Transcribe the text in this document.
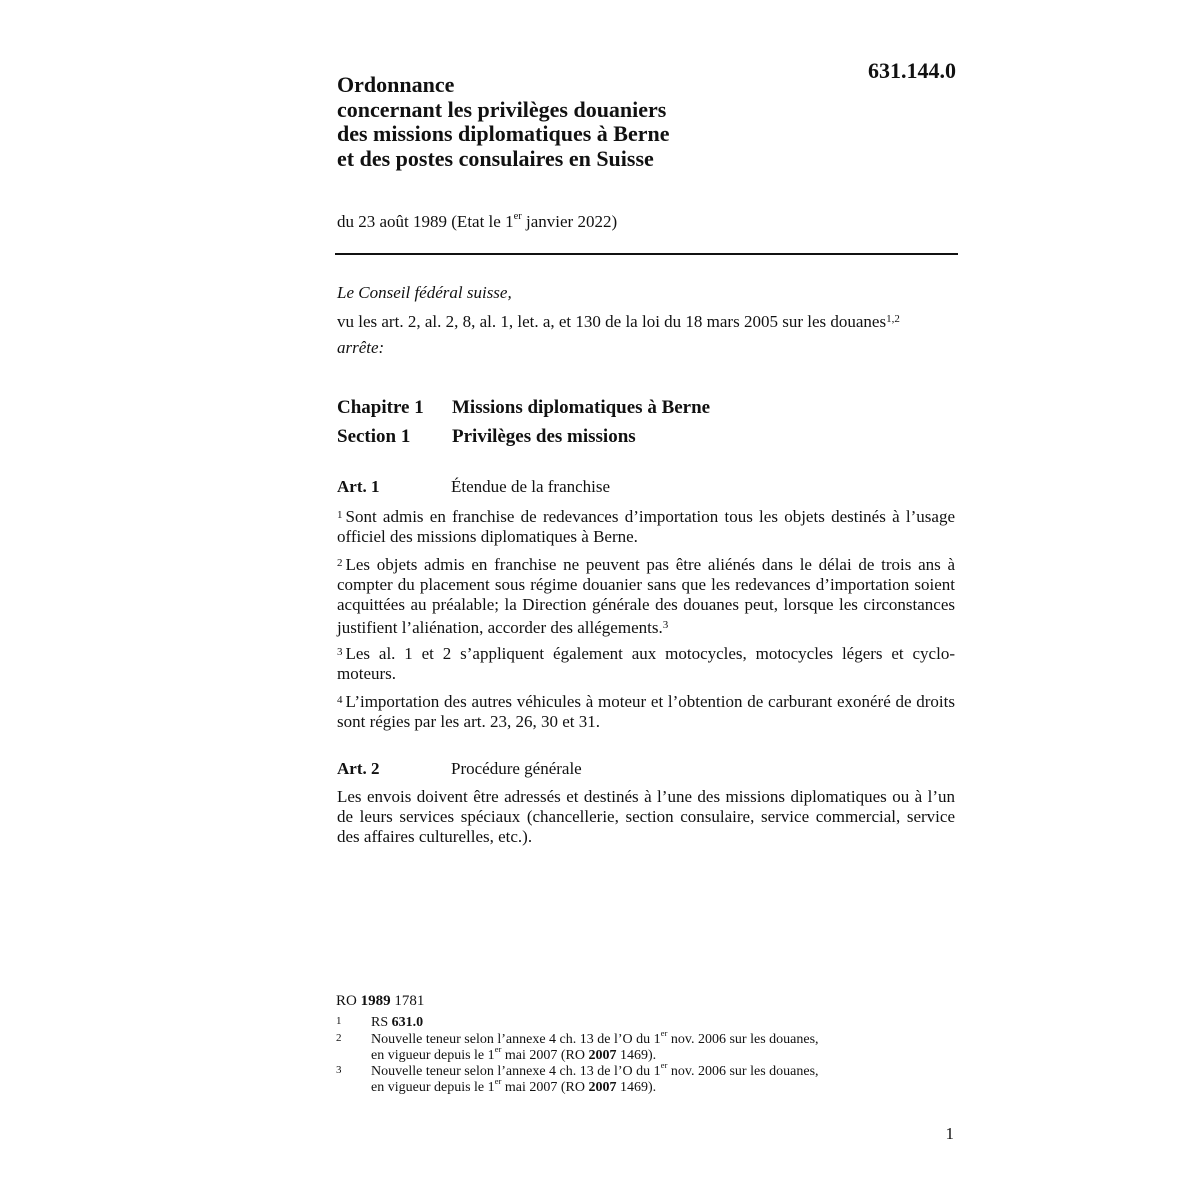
631.144.0
Ordonnance
concernant les privilèges douaniers
des missions diplomatiques à Berne
et des postes consulaires en Suisse
du 23 août 1989 (Etat le 1er janvier 2022)
Le Conseil fédéral suisse,
vu les art. 2, al. 2, 8, al. 1, let. a, et 130 de la loi du 18 mars 2005 sur les douanes$^{1,2}$
arrête:
Chapitre 1 Missions diplomatiques à Berne
Section 1 Privilèges des missions
Art. 1	Étendue de la franchise
$^1$ Sont admis en franchise de redevances d’importation tous les objets destinés à l’usage officiel des missions diplomatiques à Berne.
$^2$ Les objets admis en franchise ne peuvent pas être aliénés dans le délai de trois ans à compter du placement sous régime douanier sans que les redevances d’importation soient acquittées au préalable; la Direction générale des douanes peut, lorsque les circonstances justifient l’aliénation, accorder des allégements.$^3$
$^3$ Les al. 1 et 2 s’appliquent également aux motocycles, motocycles légers et cyclo-moteurs.
$^4$ L’importation des autres véhicules à moteur et l’obtention de carburant exonéré de droits sont régies par les art. 23, 26, 30 et 31.
Art. 2	Procédure générale
Les envois doivent être adressés et destinés à l’une des missions diplomatiques ou à l’un de leurs services spéciaux (chancellerie, section consulaire, service commercial, service des affaires culturelles, etc.).
RO 1989 1781
1 RS 631.0
2 Nouvelle teneur selon l’annexe 4 ch. 13 de l’O du 1er nov. 2006 sur les douanes,
en vigueur depuis le 1er mai 2007 (RO 2007 1469).
3 Nouvelle teneur selon l’annexe 4 ch. 13 de l’O du 1er nov. 2006 sur les douanes,
en vigueur depuis le 1er mai 2007 (RO 2007 1469).
1
